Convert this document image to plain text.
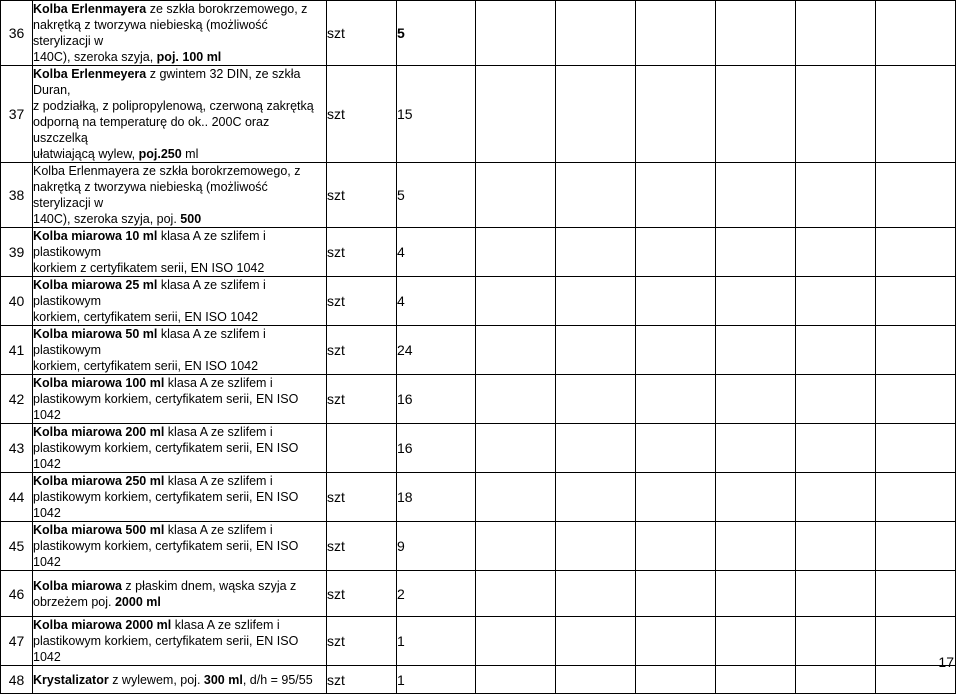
36	Kolba Erlenmayera ze szkła borokrzemowego, z
nakrętką z tworzywa niebieską (możliwość sterylizacji w
140C), szeroka szyja, poj. 100 ml	szt	5						
37	Kolba Erlenmeyera z gwintem 32 DIN, ze szkła Duran,
z podziałką, z polipropylenową, czerwoną zakrętką
odporną na temperaturę do ok.. 200C oraz uszczelką
ułatwiającą wylew, poj.250 ml	szt	15						
38	Kolba Erlenmayera ze szkła borokrzemowego, z
nakrętką z tworzywa niebieską (możliwość sterylizacji w
140C), szeroka szyja, poj. 500	szt	5						
39	Kolba miarowa 10 ml klasa A ze szlifem i plastikowym
korkiem z certyfikatem serii, EN ISO 1042	szt	4						
40	Kolba miarowa 25 ml klasa A ze szlifem i plastikowym
korkiem, certyfikatem serii, EN ISO 1042	szt	4						
41	Kolba miarowa 50 ml klasa A ze szlifem i plastikowym
korkiem, certyfikatem serii, EN ISO 1042	szt	24						
42	Kolba miarowa 100 ml klasa A ze szlifem i
plastikowym korkiem, certyfikatem serii, EN ISO 1042	szt	16						
43	Kolba miarowa 200 ml klasa A ze szlifem i
plastikowym korkiem, certyfikatem serii, EN ISO 1042		16						
44	Kolba miarowa 250 ml klasa A ze szlifem i
plastikowym korkiem, certyfikatem serii, EN ISO 1042	szt	18						
45	Kolba miarowa 500 ml klasa A ze szlifem i
plastikowym korkiem, certyfikatem serii, EN ISO 1042	szt	9						
46	Kolba miarowa z płaskim dnem, wąska szyja z
obrzeżem poj. 2000 ml	szt	2						
47	Kolba miarowa 2000 ml klasa A ze szlifem i
plastikowym korkiem, certyfikatem serii, EN ISO 1042	szt	1						
48	Krystalizator z wylewem, poj. 300 ml, d/h = 95/55	szt	1						
17
